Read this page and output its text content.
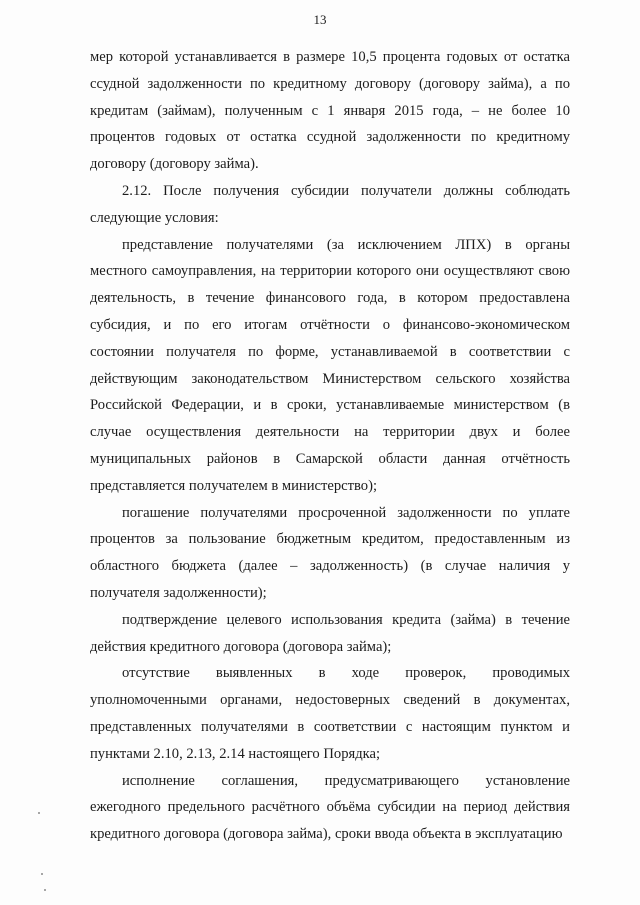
13

мер которой устанавливается в размере 10,5 процента годовых от остатка ссудной задолженности по кредитному договору (договору займа), а по кредитам (займам), полученным с 1 января 2015 года, – не более 10 процентов годовых от остатка ссудной задолженности по кредитному договору (договору займа).

2.12. После получения субсидии получатели должны соблюдать следующие условия:

представление получателями (за исключением ЛПХ) в органы местного самоуправления, на территории которого они осуществляют свою деятельность, в течение финансового года, в котором предоставлена субсидия, и по его итогам отчётности о финансово-экономическом состоянии получателя по форме, устанавливаемой в соответствии с действующим законодательством Министерством сельского хозяйства Российской Федерации, и в сроки, устанавливаемые министерством (в случае осуществления деятельности на территории двух и более муниципальных районов в Самарской области данная отчётность представляется получателем в министерство);

погашение получателями просроченной задолженности по уплате процентов за пользование бюджетным кредитом, предоставленным из областного бюджета (далее – задолженность) (в случае наличия у получателя задолженности);

подтверждение целевого использования кредита (займа) в течение действия кредитного договора (договора займа);

отсутствие выявленных в ходе проверок, проводимых уполномоченными органами, недостоверных сведений в документах, представленных получателями в соответствии с настоящим пунктом и пунктами 2.10, 2.13, 2.14 настоящего Порядка;

исполнение соглашения, предусматривающего установление ежегодного предельного расчётного объёма субсидии на период действия кредитного договора (договора займа), сроки ввода объекта в эксплуатацию
